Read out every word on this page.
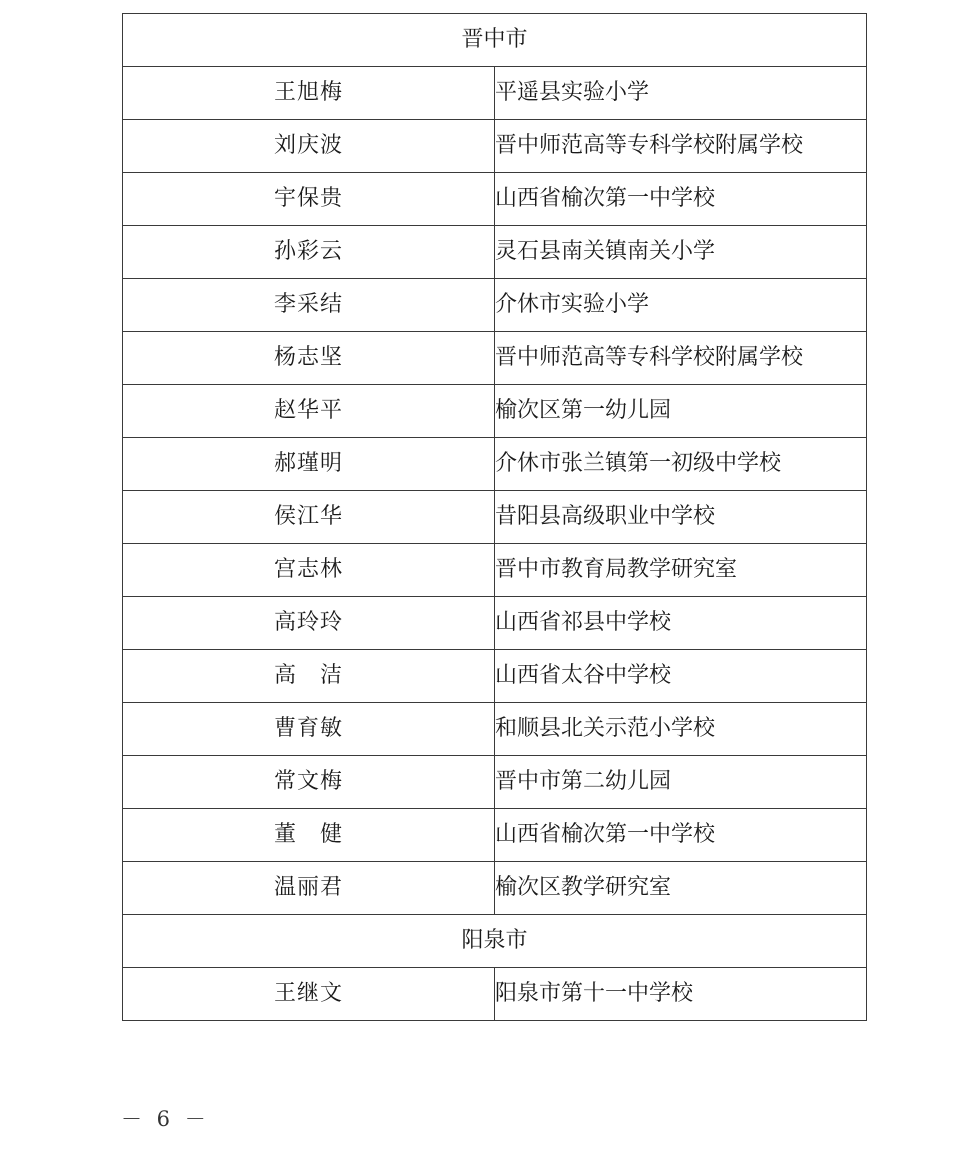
晋中市	
王旭梅	平遥县实验小学
刘庆波	晋中师范高等专科学校附属学校
宇保贵	山西省榆次第一中学校
孙彩云	灵石县南关镇南关小学
李采结	介休市实验小学
杨志坚	晋中师范高等专科学校附属学校
赵华平	榆次区第一幼儿园
郝瑾明	介休市张兰镇第一初级中学校
侯江华	昔阳县高级职业中学校
宫志林	晋中市教育局教学研究室
高玲玲	山西省祁县中学校
高　洁	山西省太谷中学校
曹育敏	和顺县北关示范小学校
常文梅	晋中市第二幼儿园
董　健	山西省榆次第一中学校
温丽君	榆次区教学研究室
阳泉市	
王继文	阳泉市第十一中学校
－ 6 －
